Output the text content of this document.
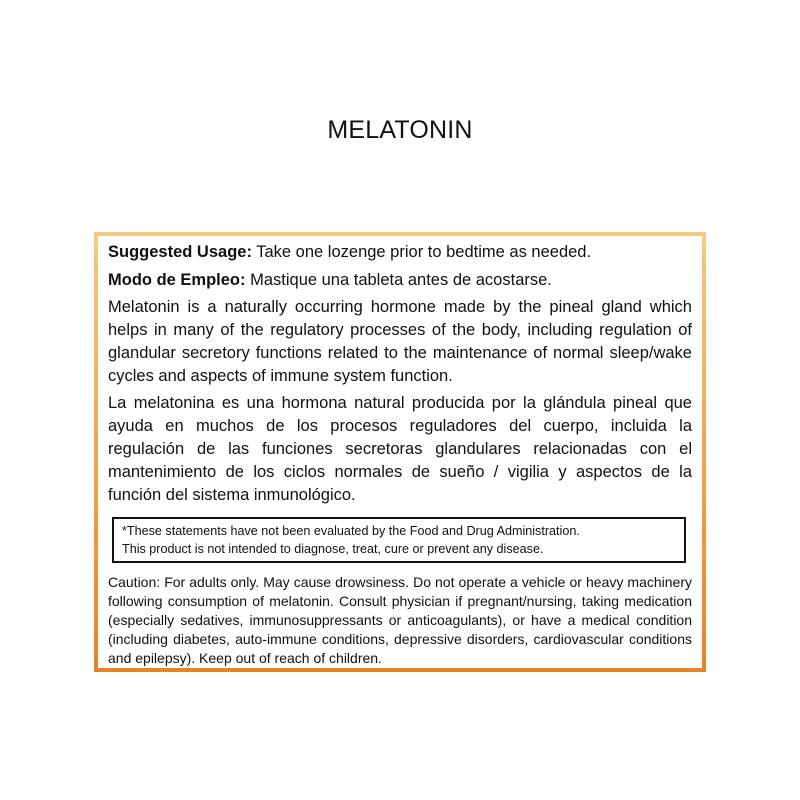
MELATONIN

Suggested Usage: Take one lozenge prior to bedtime as needed.

Modo de Empleo: Mastique una tableta antes de acostarse.

Melatonin is a naturally occurring hormone made by the pineal gland which helps in many of the regulatory processes of the body, including regulation of glandular secretory functions related to the maintenance of normal sleep/wake cycles and aspects of immune system function.

La melatonina es una hormona natural producida por la glándula pineal que ayuda en muchos de los procesos reguladores del cuerpo, incluida la regulación de las funciones secretoras glandulares relacionadas con el mantenimiento de los ciclos normales de sueño / vigilia y aspectos de la función del sistema inmunológico.

*These statements have not been evaluated by the Food and Drug Administration.
This product is not intended to diagnose, treat, cure or prevent any disease.

Caution: For adults only. May cause drowsiness. Do not operate a vehicle or heavy machinery following consumption of melatonin. Consult physician if pregnant/nursing, taking medication (especially sedatives, immunosuppressants or anticoagulants), or have a medical condition (including diabetes, auto-immune conditions, depressive disorders, cardiovascular conditions and epilepsy). Keep out of reach of children.
